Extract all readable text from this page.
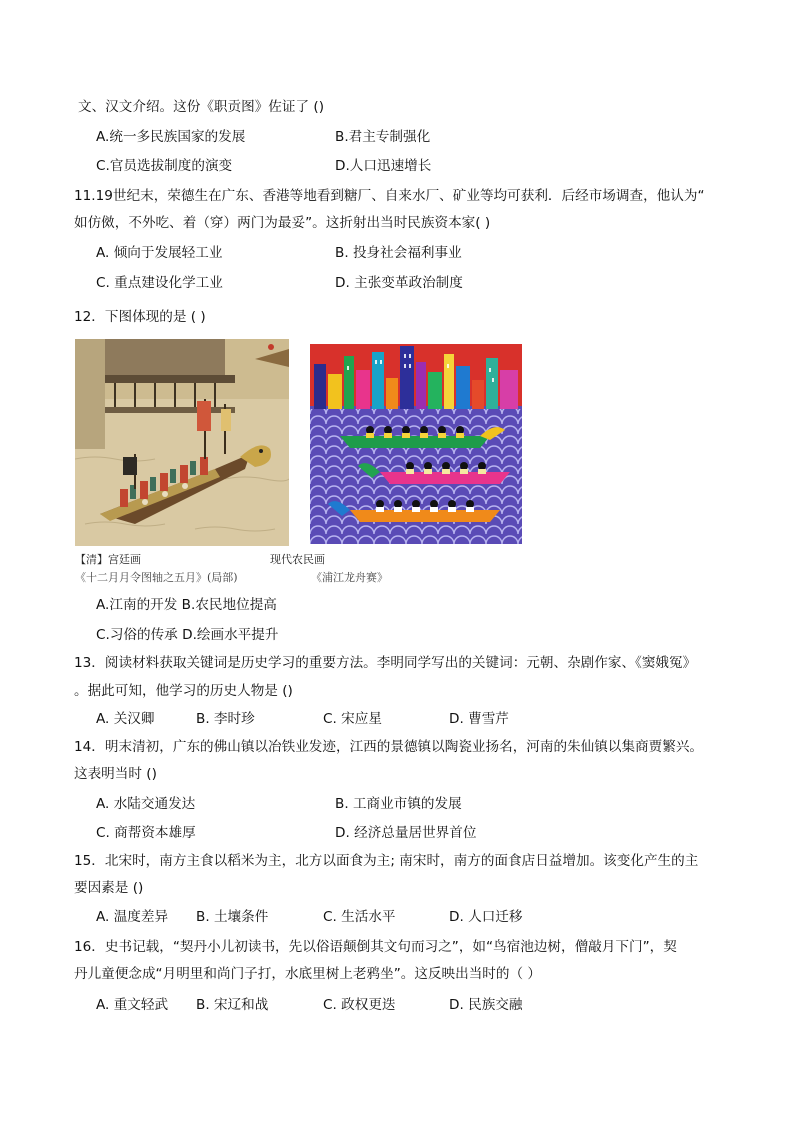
文、汉文介绍。这份《职贡图》佐证了 ()
A.统一多民族国家的发展	B.君主专制强化
C.官员选拔制度的演变	D.人口迅速增长
11.19世纪末，荣德生在广东、香港等地看到糖厂、自来水厂、矿业等均可获利．后经市场调查，他认为“
如仿傚，不外吃、着（穿）两门为最妥”。这折射出当时民族资本家( )
A. 倾向于发展轻工业	B. 投身社会福利事业
C. 重点建设化学工业	D. 主张变革政治制度
12．下图体现的是 ( )
【清】宫廷画
《十二月月令图轴之五月》(局部)
现代农民画
《浦江龙舟赛》
A.江南的开发 B.农民地位提高
C.习俗的传承 D.绘画水平提升
13．阅读材料获取关键词是历史学习的重要方法。李明同学写出的关键词：元朝、杂剧作家、《窦娥冤》
。据此可知，他学习的历史人物是 ()
A. 关汉卿	B. 李时珍	C. 宋应星	D. 曹雪芹
14．明末清初，广东的佛山镇以冶铁业发迹，江西的景德镇以陶瓷业扬名，河南的朱仙镇以集商贾繁兴。
这表明当时 ()
A. 水陆交通发达	B. 工商业市镇的发展
C. 商帮资本雄厚	D. 经济总量居世界首位
15．北宋时，南方主食以稻米为主，北方以面食为主; 南宋时，南方的面食店日益增加。该变化产生的主
要因素是 ()
A. 温度差异 B. 土壤条件	C. 生活水平	D. 人口迁移
16．史书记载，“契丹小儿初读书，先以俗语颠倒其文句而习之”，如“鸟宿池边树，僧敲月下门”，契
丹儿童便念成“月明里和尚门子打，水底里树上老鸦坐”。这反映出当时的（ ）
A. 重文轻武 B. 宋辽和战	C. 政权更迭	D. 民族交融
